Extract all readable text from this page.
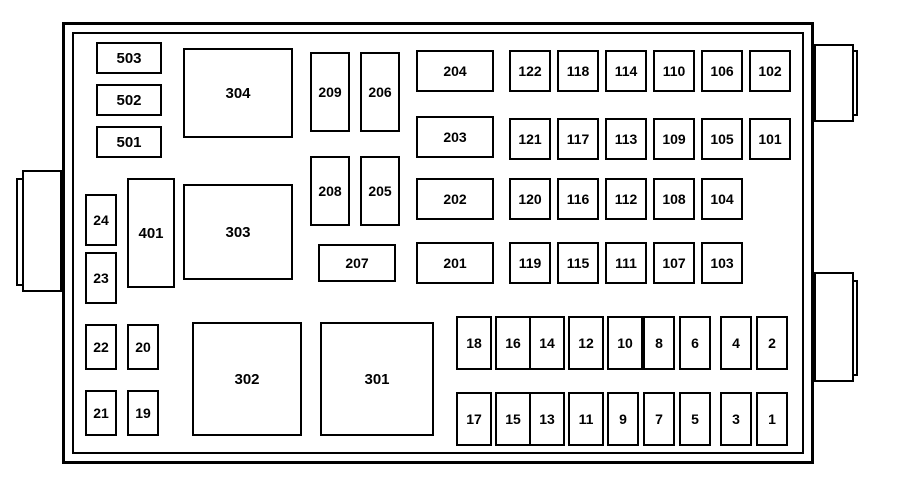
503
502
501
304	209	206
208	205
207
204
203
202
201
122	118	114	110	106	102
121	117	113	109	105	101
120	116	112	108	104
119	115	111	107	103
24
23
401	303
22	20
21	19
302	301
18	16	14	12	10	8	6	4	2
17	15	13	11	9	7	5	3	1
